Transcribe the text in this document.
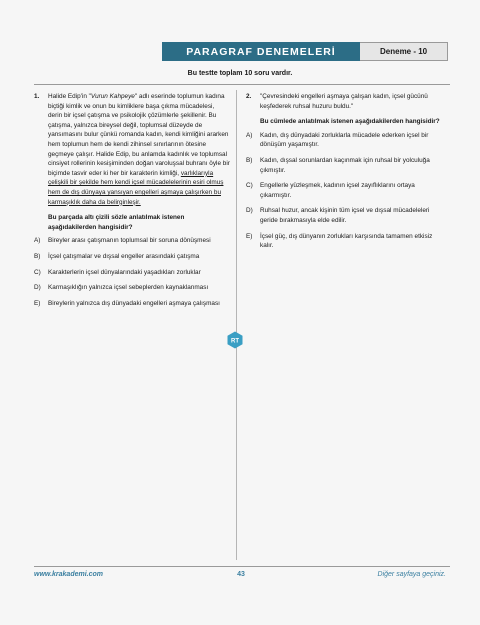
PARAGRAF DENEMELERİ	Deneme - 10
Bu testte toplam 10 soru vardır.
1. Halide Edip'in "Vurun Kahpeye" adlı eserinde toplumun kadına biçtiği kimlik ve onun bu kimliklere başa çıkma mücadelesi, derin bir içsel çatışma ve psikolojik çözümlerle şekillenir. Bu çatışma, yalnızca bireysel değil, toplumsal düzeyde de yansımasını bulur çünkü romanda kadın, kendi kimliğini ararken hem toplumun hem de kendi zihinsel sınırlarının ötesine geçmeye çalışır. Halide Edip, bu anlamda kadınlık ve toplumsal cinsiyet rollerinin kesişiminden doğan varoluşsal buhranı öyle bir biçimde tasvir eder ki her bir karakterin kimliği, varlıklarıyla çelişkili bir şekilde hem kendi içsel mücadelelerinin esiri olmuş hem de dış dünyaya yansıyan engelleri aşmaya çalışırken bu karmaşıklık daha da belirginleşir.

Bu parçada altı çizili sözle anlatılmak istenen aşağıdakilerden hangisidir?

A) Bireyler arası çatışmanın toplumsal bir soruna dönüşmesi
B) İçsel çatışmalar ve dışsal engeller arasındaki çatışma
C) Karakterlerin içsel dünyalarındaki yaşadıkları zorluklar
D) Karmaşıklığın yalnızca içsel sebeplerden kaynaklanması
E) Bireylerin yalnızca dış dünyadaki engelleri aşmaya çalışması
2. "Çevresindeki engelleri aşmaya çalışan kadın, içsel gücünü keşfederek ruhsal huzuru buldu."

Bu cümlede anlatılmak istenen aşağıdakilerden hangisidir?

A) Kadın, dış dünyadaki zorluklarla mücadele ederken içsel bir dönüşüm yaşamıştır.
B) Kadın, dışsal sorunlardan kaçınmak için ruhsal bir yolculuğa çıkmıştır.
C) Engellerle yüzleşmek, kadının içsel zayıflıklarını ortaya çıkarmıştır.
D) Ruhsal huzur, ancak kişinin tüm içsel ve dışsal mücadeleleri geride bırakmasıyla elde edilir.
E) İçsel güç, dış dünyanın zorlukları karşısında tamamen etkisiz kalır.
RT
www.krakademi.com	43	Diğer sayfaya geçiniz.
